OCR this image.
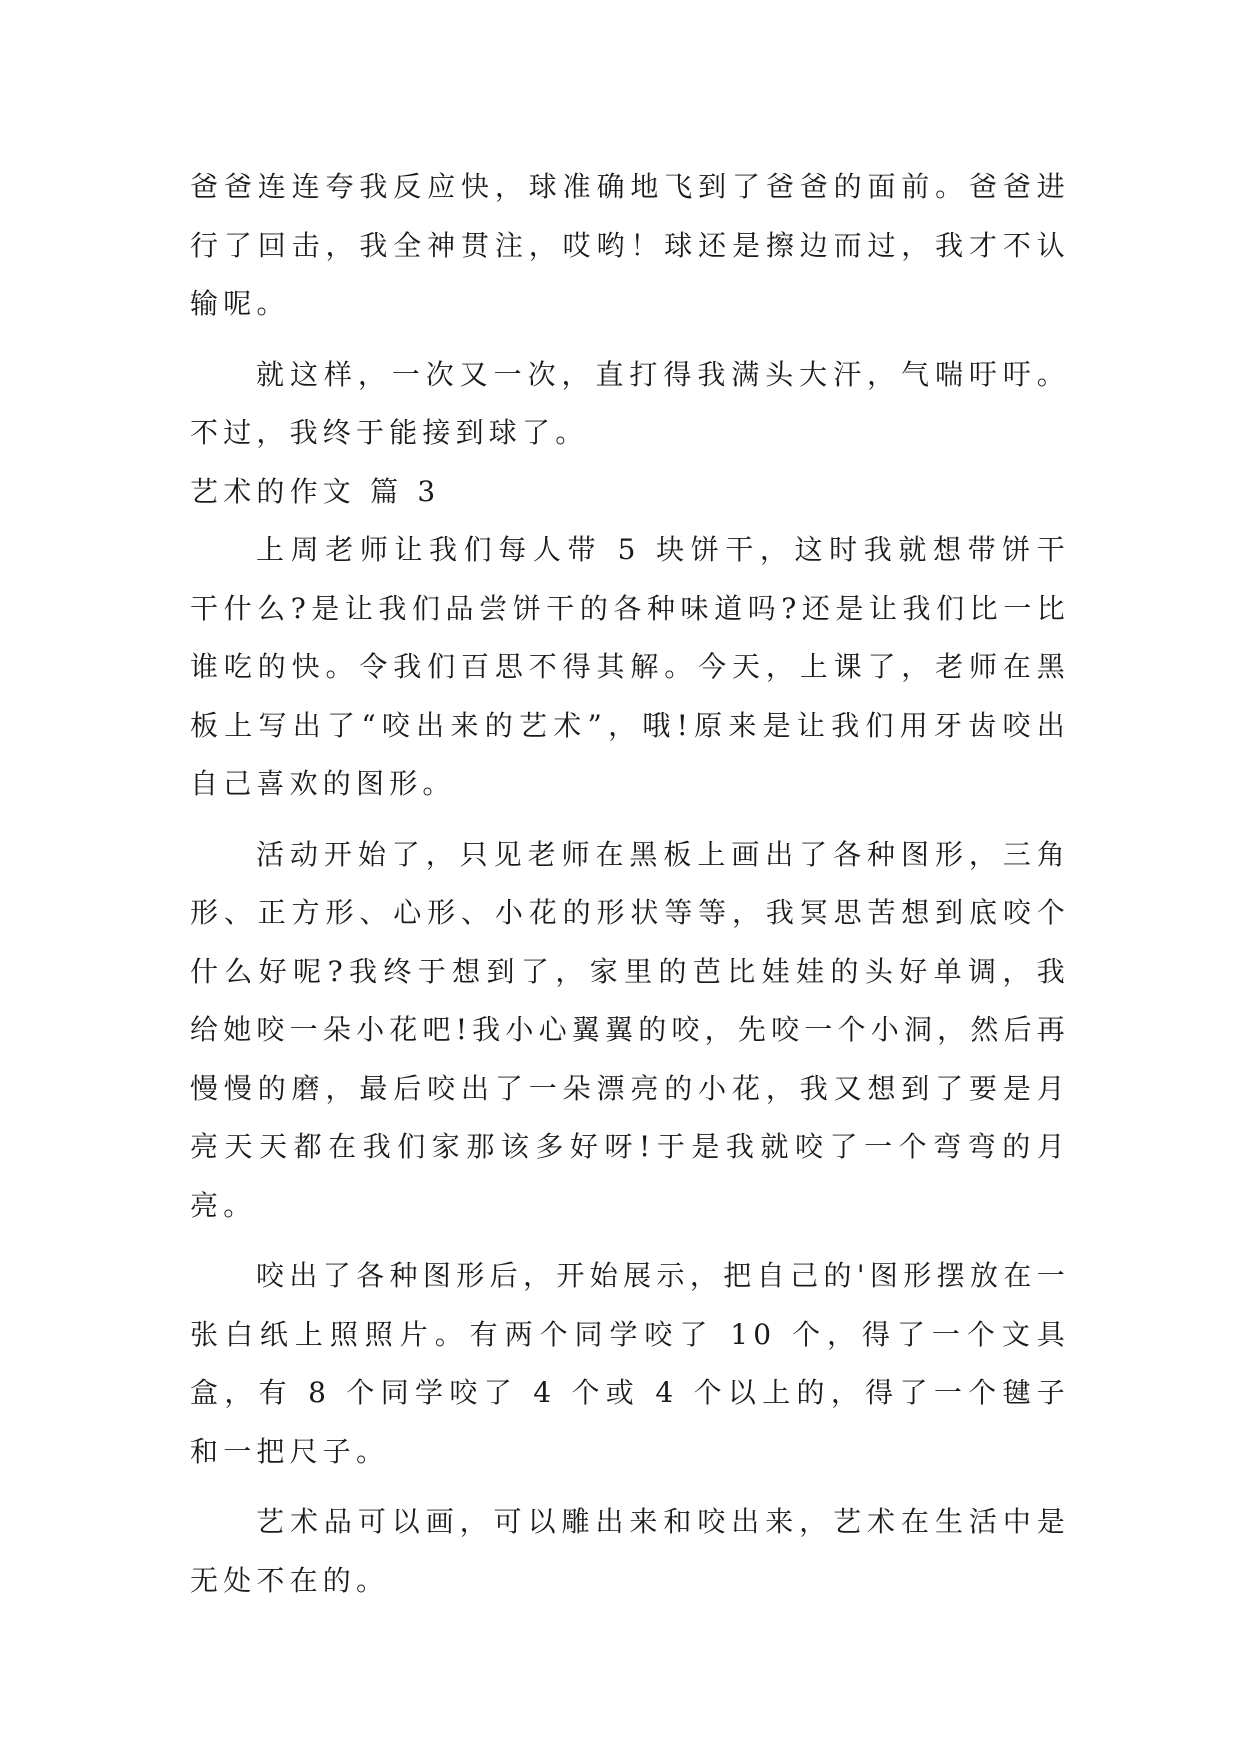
爸爸连连夸我反应快，球准确地飞到了爸爸的面前。爸爸进行了回击，我全神贯注，哎哟！球还是擦边而过，我才不认输呢。

就这样，一次又一次，直打得我满头大汗，气喘吁吁。不过，我终于能接到球了。

艺术的作文 篇 3

上周老师让我们每人带 5 块饼干，这时我就想带饼干干什么?是让我们品尝饼干的各种味道吗?还是让我们比一比谁吃的快。令我们百思不得其解。今天，上课了，老师在黑板上写出了“咬出来的艺术”，哦!原来是让我们用牙齿咬出自己喜欢的图形。

活动开始了，只见老师在黑板上画出了各种图形，三角形、正方形、心形、小花的形状等等，我冥思苦想到底咬个什么好呢?我终于想到了，家里的芭比娃娃的头好单调，我给她咬一朵小花吧!我小心翼翼的咬，先咬一个小洞，然后再慢慢的磨，最后咬出了一朵漂亮的小花，我又想到了要是月亮天天都在我们家那该多好呀!于是我就咬了一个弯弯的月亮。

咬出了各种图形后，开始展示，把自己的'图形摆放在一张白纸上照照片。有两个同学咬了 10 个，得了一个文具盒，有 8 个同学咬了 4 个或 4 个以上的，得了一个毽子和一把尺子。

艺术品可以画，可以雕出来和咬出来，艺术在生活中是无处不在的。
